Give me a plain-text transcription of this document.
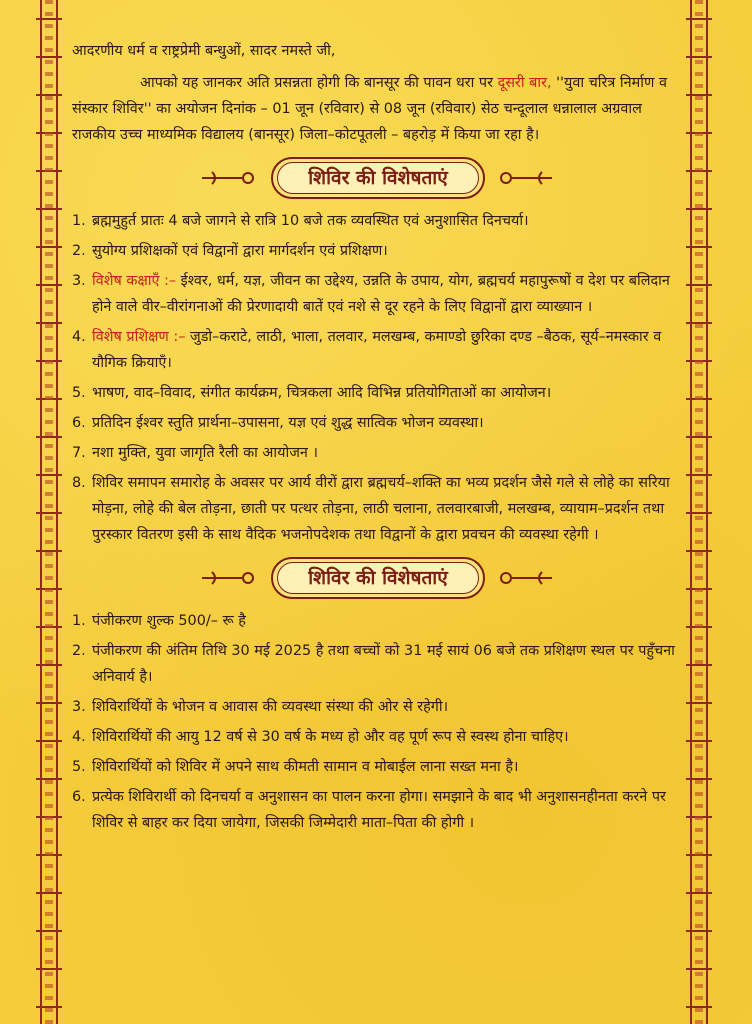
आदरणीय धर्म व राष्ट्रप्रेमी बन्धुओं, सादर नमस्ते जी,

आपको यह जानकर अति प्रसन्नता होगी कि बानसूर की पावन धरा पर दूसरी बार, ''युवा चरित्र निर्माण व संस्कार शिविर'' का अयोजन दिनांक – 01 जून (रविवार) से 08 जून (रविवार) सेठ चन्दूलाल धन्नालाल अग्रवाल राजकीय उच्च माध्यमिक विद्यालय (बानसूर) जिला–कोटपूतली – बहरोड़ में किया जा रहा है।

शिविर की विशेषताएं
1. ब्रह्ममुहुर्त प्रातः 4 बजे जागने से रात्रि 10 बजे तक व्यवस्थित एवं अनुशासित दिनचर्या।
2. सुयोग्य प्रशिक्षकों एवं विद्वानों द्वारा मार्गदर्शन एवं प्रशिक्षण।
3. विशेष कक्षाएँ :– ईश्वर, धर्म, यज्ञ, जीवन का उद्देश्य, उन्नति के उपाय, योग, ब्रह्मचर्य महापुरूषों व देश पर बलिदान होने वाले वीर–वीरांगनाओं की प्रेरणादायी बातें एवं नशे से दूर रहने के लिए विद्वानों द्वारा व्याख्यान ।
4. विशेष प्रशिक्षण :– जुडो–कराटे, लाठी, भाला, तलवार, मलखम्ब, कमाण्डो छुरिका दण्ड –बैठक, सूर्य–नमस्कार व यौगिक क्रियाएँ।
5. भाषण, वाद–विवाद, संगीत कार्यक्रम, चित्रकला आदि विभिन्न प्रतियोगिताओं का आयोजन।
6. प्रतिदिन ईश्वर स्तुति प्रार्थना–उपासना, यज्ञ एवं शुद्ध सात्विक भोजन व्यवस्था।
7. नशा मुक्ति, युवा जागृति रैली का आयोजन ।
8. शिविर समापन समारोह के अवसर पर आर्य वीरों द्वारा ब्रह्मचर्य–शक्ति का भव्य प्रदर्शन जैसे गले से लोहे का सरिया मोड़ना, लोहे की बेल तोड़ना, छाती पर पत्थर तोड़ना, लाठी चलाना, तलवारबाजी, मलखम्ब, व्यायाम–प्रदर्शन तथा पुरस्कार वितरण इसी के साथ वैदिक भजनोपदेशक तथा विद्वानों के द्वारा प्रवचन की व्यवस्था रहेगी ।
शिविर की विशेषताएं
1. पंजीकरण शुल्क 500/– रू है
2. पंजीकरण की अंतिम तिथि 30 मई 2025 है तथा बच्चों को 31 मई सायं 06 बजे तक प्रशिक्षण स्थल पर पहुँचना अनिवार्य है।
3. शिविरार्थियों के भोजन व आवास की व्यवस्था संस्था की ओर से रहेगी।
4. शिविरार्थियों की आयु 12 वर्ष से 30 वर्ष के मध्य हो और वह पूर्ण रूप से स्वस्थ होना चाहिए।
5. शिविरार्थियों को शिविर में अपने साथ कीमती सामान व मोबाईल लाना सख्त मना है।
6. प्रत्येक शिविरार्थी को दिनचर्या व अनुशासन का पालन करना होगा। समझाने के बाद भी अनुशासनहीनता करने पर शिविर से बाहर कर दिया जायेगा, जिसकी जिम्मेदारी माता–पिता की होगी ।
